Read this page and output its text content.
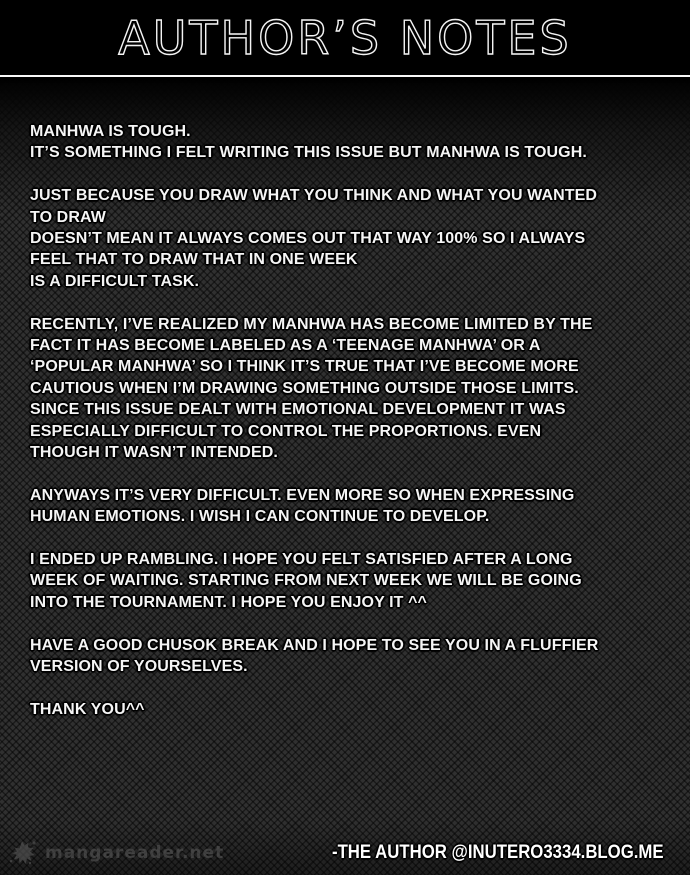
AUTHOR’S NOTES

MANHWA IS TOUGH.
IT’S SOMETHING I FELT WRITING THIS ISSUE BUT MANHWA IS TOUGH.

JUST BECAUSE YOU DRAW WHAT YOU THINK AND WHAT YOU WANTED
TO DRAW
DOESN’T MEAN IT ALWAYS COMES OUT THAT WAY 100% SO I ALWAYS
FEEL THAT TO DRAW THAT IN ONE WEEK
IS A DIFFICULT TASK.

RECENTLY, I’VE REALIZED MY MANHWA HAS BECOME LIMITED BY THE
FACT IT HAS BECOME LABELED AS A ‘TEENAGE MANHWA’ OR A
‘POPULAR MANHWA’ SO I THINK IT’S TRUE THAT I’VE BECOME MORE
CAUTIOUS WHEN I’M DRAWING SOMETHING OUTSIDE THOSE LIMITS.
SINCE THIS ISSUE DEALT WITH EMOTIONAL DEVELOPMENT IT WAS
ESPECIALLY DIFFICULT TO CONTROL THE PROPORTIONS. EVEN
THOUGH IT WASN’T INTENDED.

ANYWAYS IT’S VERY DIFFICULT. EVEN MORE SO WHEN EXPRESSING
HUMAN EMOTIONS. I WISH I CAN CONTINUE TO DEVELOP.

I ENDED UP RAMBLING. I HOPE YOU FELT SATISFIED AFTER A LONG
WEEK OF WAITING. STARTING FROM NEXT WEEK WE WILL BE GOING
INTO THE TOURNAMENT. I HOPE YOU ENJOY IT ^^

HAVE A GOOD CHUSOK BREAK AND I HOPE TO SEE YOU IN A FLUFFIER
VERSION OF YOURSELVES.

THANK YOU^^

mangareader.net	-THE AUTHOR @INUTERO3334.BLOG.ME
